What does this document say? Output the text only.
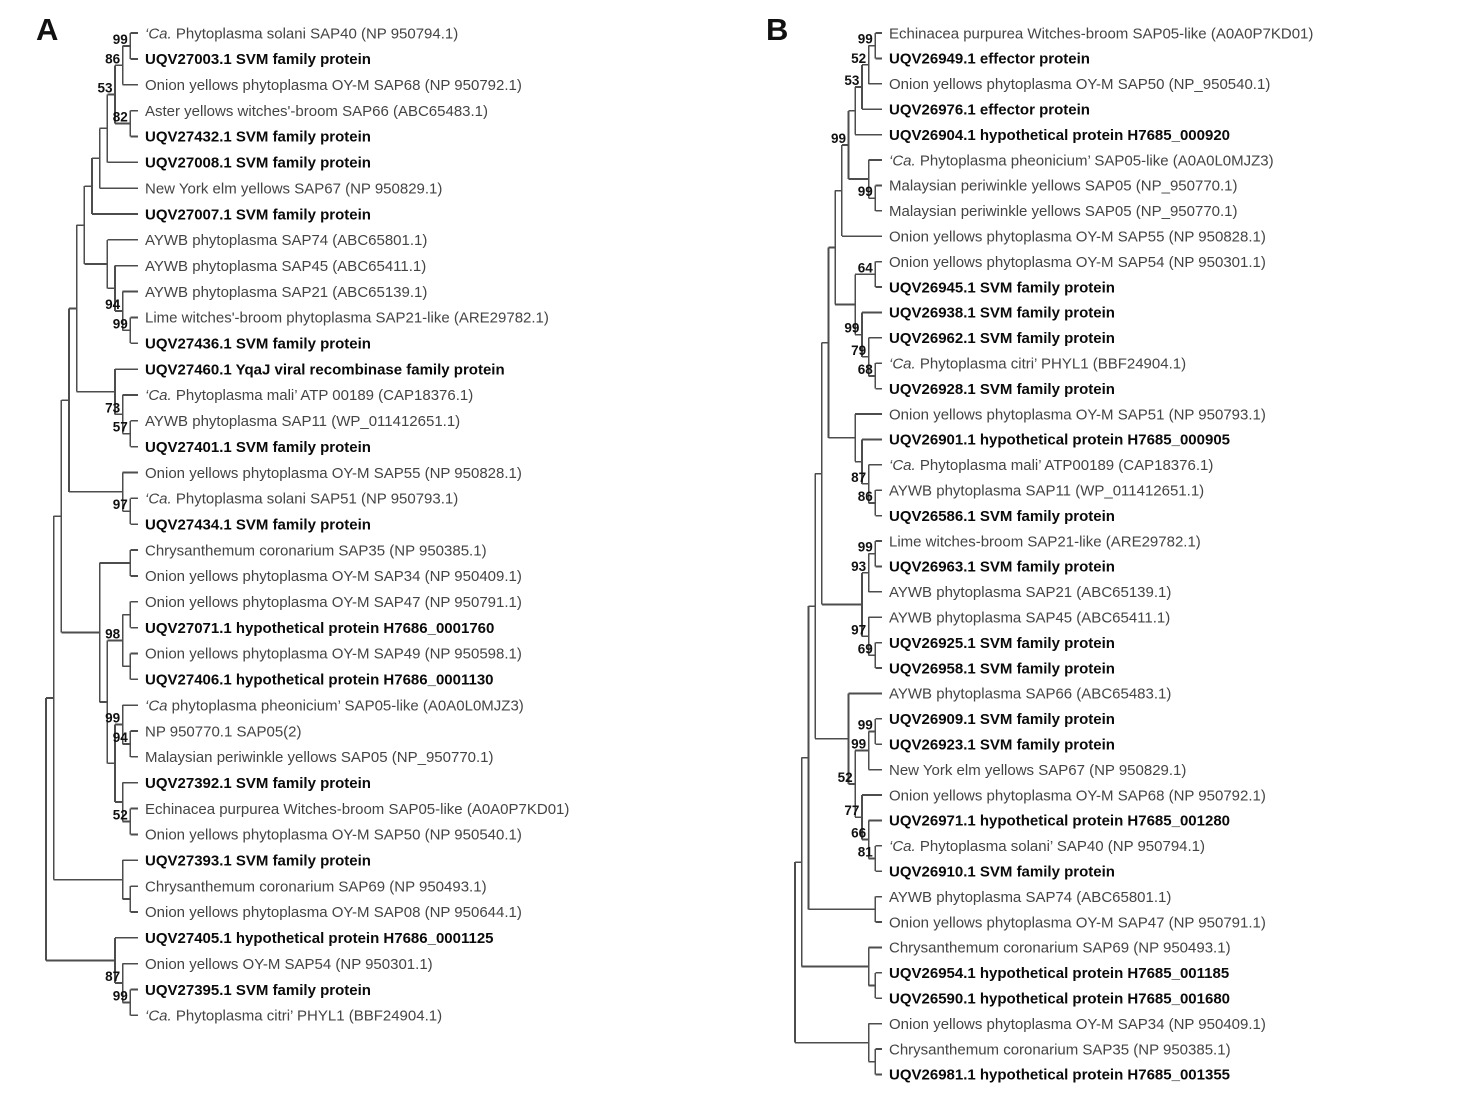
A	B
‘Ca. Phytoplasma solani SAP40 (NP 950794.1)
UQV27003.1 SVM family protein
Onion yellows phytoplasma OY-M SAP68 (NP 950792.1)
Aster yellows witches'-broom SAP66 (ABC65483.1)
UQV27432.1 SVM family protein
UQV27008.1 SVM family protein
New York elm yellows SAP67 (NP 950829.1)
UQV27007.1 SVM family protein
AYWB phytoplasma SAP74 (ABC65801.1)
AYWB phytoplasma SAP45 (ABC65411.1)
AYWB phytoplasma SAP21 (ABC65139.1)
Lime witches'-broom phytoplasma SAP21-like (ARE29782.1)
UQV27436.1 SVM family protein
UQV27460.1 YqaJ viral recombinase family protein
‘Ca. Phytoplasma mali’ ATP 00189 (CAP18376.1)
AYWB phytoplasma SAP11 (WP_011412651.1)
UQV27401.1 SVM family protein
Onion yellows phytoplasma OY-M SAP55 (NP 950828.1)
‘Ca. Phytoplasma solani SAP51 (NP 950793.1)
UQV27434.1 SVM family protein
Chrysanthemum coronarium SAP35 (NP 950385.1)
Onion yellows phytoplasma OY-M SAP34 (NP 950409.1)
Onion yellows phytoplasma OY-M SAP47 (NP 950791.1)
UQV27071.1 hypothetical protein H7686_0001760
Onion yellows phytoplasma OY-M SAP49 (NP 950598.1)
UQV27406.1 hypothetical protein H7686_0001130
‘Ca phytoplasma pheonicium’ SAP05-like (A0A0L0MJZ3)
NP 950770.1 SAP05(2)
Malaysian periwinkle yellows SAP05 (NP_950770.1)
UQV27392.1 SVM family protein
Echinacea purpurea Witches-broom SAP05-like (A0A0P7KD01)
Onion yellows phytoplasma OY-M SAP50 (NP 950540.1)
UQV27393.1 SVM family protein
Chrysanthemum coronarium SAP69 (NP 950493.1)
Onion yellows phytoplasma OY-M SAP08 (NP 950644.1)
UQV27405.1 hypothetical protein H7686_0001125
Onion yellows OY-M SAP54 (NP 950301.1)
UQV27395.1 SVM family protein
‘Ca. Phytoplasma citri’ PHYL1 (BBF24904.1)
99
86
82
53
99
94
57
73
97
98
94
99
52
99
87
Echinacea purpurea Witches-broom SAP05-like (A0A0P7KD01)
UQV26949.1 effector protein
Onion yellows phytoplasma OY-M SAP50 (NP_950540.1)
UQV26976.1 effector protein
UQV26904.1 hypothetical protein H7685_000920
‘Ca. Phytoplasma pheonicium’ SAP05-like (A0A0L0MJZ3)
Malaysian periwinkle yellows SAP05 (NP_950770.1)
Malaysian periwinkle yellows SAP05 (NP_950770.1)
Onion yellows phytoplasma OY-M SAP55 (NP 950828.1)
Onion yellows phytoplasma OY-M SAP54 (NP 950301.1)
UQV26945.1 SVM family protein
UQV26938.1 SVM family protein
UQV26962.1 SVM family protein
‘Ca. Phytoplasma citri’ PHYL1 (BBF24904.1)
UQV26928.1 SVM family protein
Onion yellows phytoplasma OY-M SAP51 (NP 950793.1)
UQV26901.1 hypothetical protein H7685_000905
‘Ca. Phytoplasma mali’ ATP00189 (CAP18376.1)
AYWB phytoplasma SAP11 (WP_011412651.1)
UQV26586.1 SVM family protein
Lime witches-broom SAP21-like (ARE29782.1)
UQV26963.1 SVM family protein
AYWB phytoplasma SAP21 (ABC65139.1)
AYWB phytoplasma SAP45 (ABC65411.1)
UQV26925.1 SVM family protein
UQV26958.1 SVM family protein
AYWB phytoplasma SAP66 (ABC65483.1)
UQV26909.1 SVM family protein
UQV26923.1 SVM family protein
New York elm yellows SAP67 (NP 950829.1)
Onion yellows phytoplasma OY-M SAP68 (NP 950792.1)
UQV26971.1 hypothetical protein H7685_001280
‘Ca. Phytoplasma solani’ SAP40 (NP 950794.1)
UQV26910.1 SVM family protein
AYWB phytoplasma SAP74 (ABC65801.1)
Onion yellows phytoplasma OY-M SAP47 (NP 950791.1)
Chrysanthemum coronarium SAP69 (NP 950493.1)
UQV26954.1 hypothetical protein H7685_001185
UQV26590.1 hypothetical protein H7685_001680
Onion yellows phytoplasma OY-M SAP34 (NP 950409.1)
Chrysanthemum coronarium SAP35 (NP 950385.1)
UQV26981.1 hypothetical protein H7685_001355
99
52
53
99
99
64
68
79
99
86
87
99
93
69
97
99
99
81
66
77
52
